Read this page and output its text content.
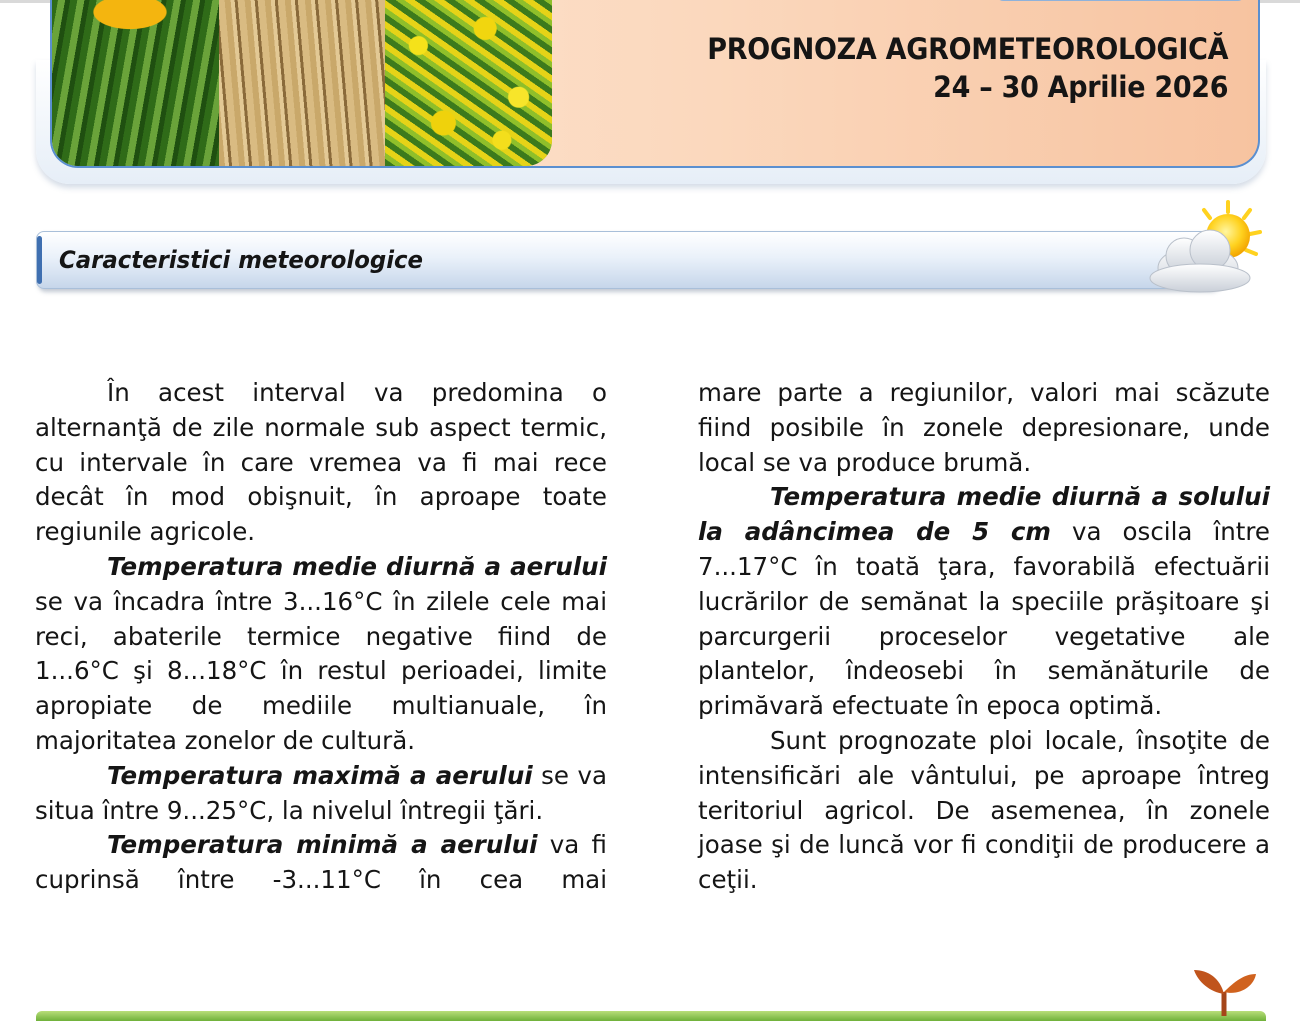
PROGNOZA AGROMETEOROLOGICĂ
24 – 30 Aprilie 2026
Caracteristici meteorologice

În acest interval va predomina o alternanţă de zile normale sub aspect termic, cu intervale în care vremea va fi mai rece decât în mod obişnuit, în aproape toate regiunile agricole.

Temperatura medie diurnă a aerului se va încadra între 3...16°C în zilele cele mai reci, abaterile termice negative fiind de 1...6°C şi 8...18°C în restul perioadei, limite apropiate de mediile multianuale, în majoritatea zonelor de cultură.

Temperatura maximă a aerului se va situa între 9...25°C, la nivelul întregii ţări.

Temperatura minimă a aerului va fi cuprinsă între -3...11°C în cea mai

mare parte a regiunilor, valori mai scăzute fiind posibile în zonele depresionare, unde local se va produce brumă.

Temperatura medie diurnă a solului la adâncimea de 5 cm va oscila între 7...17°C în toată ţara, favorabilă efectuării lucrărilor de semănat la speciile prăşitoare şi parcurgerii proceselor vegetative ale plantelor, îndeosebi în semănăturile de primăvară efectuate în epoca optimă.

Sunt prognozate ploi locale, însoţite de intensificări ale vântului, pe aproape întreg teritoriul agricol. De asemenea, în zonele joase şi de luncă vor fi condiţii de producere a ceţii.
